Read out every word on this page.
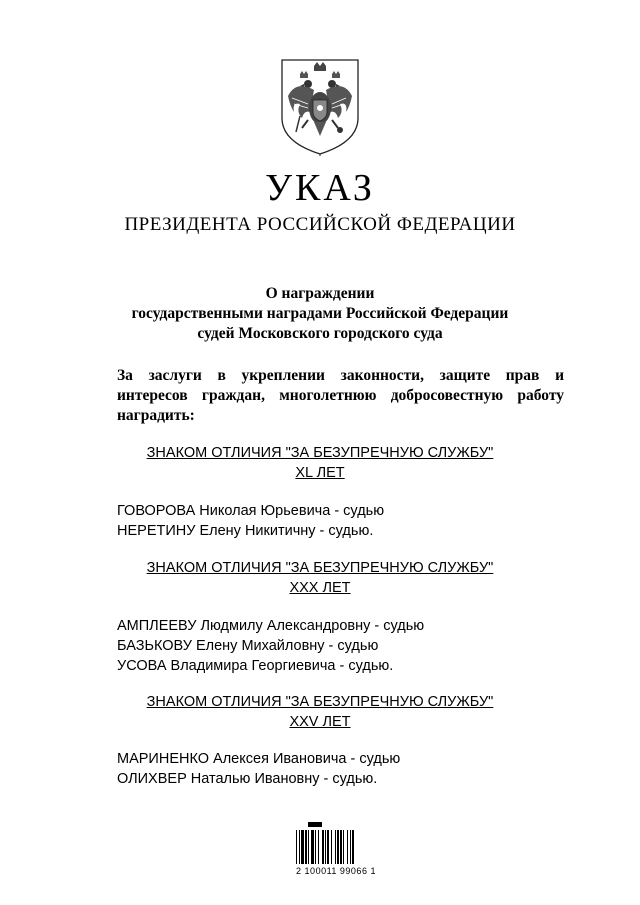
УКАЗ
ПРЕЗИДЕНТА РОССИЙСКОЙ ФЕДЕРАЦИИ
О награждении
государственными наградами Российской Федерации
судей Московского городского суда
За заслуги в укреплении законности, защите прав и
интересов граждан, многолетнюю добросовестную работу
наградить:
ЗНАКОМ ОТЛИЧИЯ "ЗА БЕЗУПРЕЧНУЮ СЛУЖБУ"
XL ЛЕТ
ГОВОРОВА Николая Юрьевича - судью
НЕРЕТИНУ Елену Никитичну - судью.
ЗНАКОМ ОТЛИЧИЯ "ЗА БЕЗУПРЕЧНУЮ СЛУЖБУ"
XXX ЛЕТ
АМПЛЕЕВУ Людмилу Александровну - судью
БАЗЬКОВУ Елену Михайловну - судью
УСОВА Владимира Георгиевича - судью.
ЗНАКОМ ОТЛИЧИЯ "ЗА БЕЗУПРЕЧНУЮ СЛУЖБУ"
XXV ЛЕТ
МАРИНЕНКО Алексея Ивановича - судью
ОЛИХВЕР Наталью Ивановну - судью.
2 100011 99066 1
